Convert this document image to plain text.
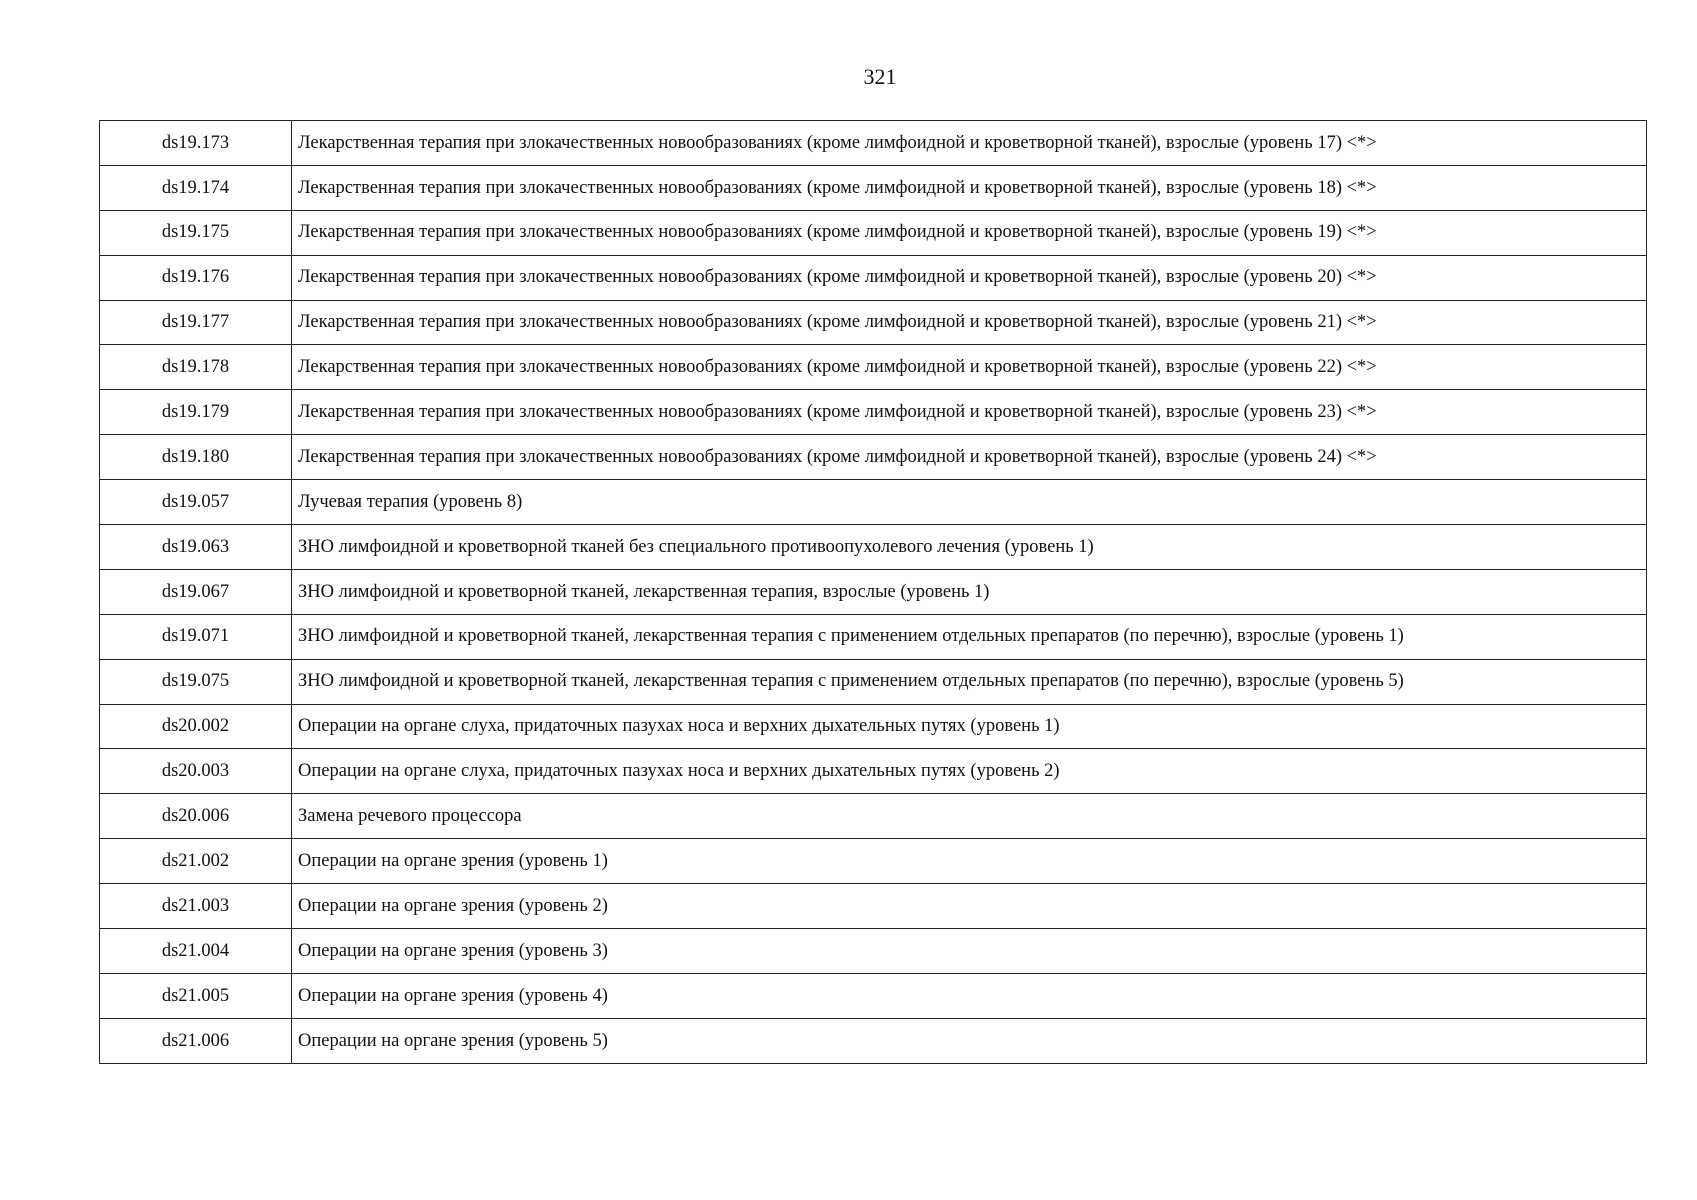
321
ds19.173	Лекарственная терапия при злокачественных новообразованиях (кроме лимфоидной и кроветворной тканей), взрослые (уровень 17) <*>
ds19.174	Лекарственная терапия при злокачественных новообразованиях (кроме лимфоидной и кроветворной тканей), взрослые (уровень 18) <*>
ds19.175	Лекарственная терапия при злокачественных новообразованиях (кроме лимфоидной и кроветворной тканей), взрослые (уровень 19) <*>
ds19.176	Лекарственная терапия при злокачественных новообразованиях (кроме лимфоидной и кроветворной тканей), взрослые (уровень 20) <*>
ds19.177	Лекарственная терапия при злокачественных новообразованиях (кроме лимфоидной и кроветворной тканей), взрослые (уровень 21) <*>
ds19.178	Лекарственная терапия при злокачественных новообразованиях (кроме лимфоидной и кроветворной тканей), взрослые (уровень 22) <*>
ds19.179	Лекарственная терапия при злокачественных новообразованиях (кроме лимфоидной и кроветворной тканей), взрослые (уровень 23) <*>
ds19.180	Лекарственная терапия при злокачественных новообразованиях (кроме лимфоидной и кроветворной тканей), взрослые (уровень 24) <*>
ds19.057	Лучевая терапия (уровень 8)
ds19.063	ЗНО лимфоидной и кроветворной тканей без специального противоопухолевого лечения (уровень 1)
ds19.067	ЗНО лимфоидной и кроветворной тканей, лекарственная терапия, взрослые (уровень 1)
ds19.071	ЗНО лимфоидной и кроветворной тканей, лекарственная терапия с применением отдельных препаратов (по перечню), взрослые (уровень 1)
ds19.075	ЗНО лимфоидной и кроветворной тканей, лекарственная терапия с применением отдельных препаратов (по перечню), взрослые (уровень 5)
ds20.002	Операции на органе слуха, придаточных пазухах носа и верхних дыхательных путях (уровень 1)
ds20.003	Операции на органе слуха, придаточных пазухах носа и верхних дыхательных путях (уровень 2)
ds20.006	Замена речевого процессора
ds21.002	Операции на органе зрения (уровень 1)
ds21.003	Операции на органе зрения (уровень 2)
ds21.004	Операции на органе зрения (уровень 3)
ds21.005	Операции на органе зрения (уровень 4)
ds21.006	Операции на органе зрения (уровень 5)
